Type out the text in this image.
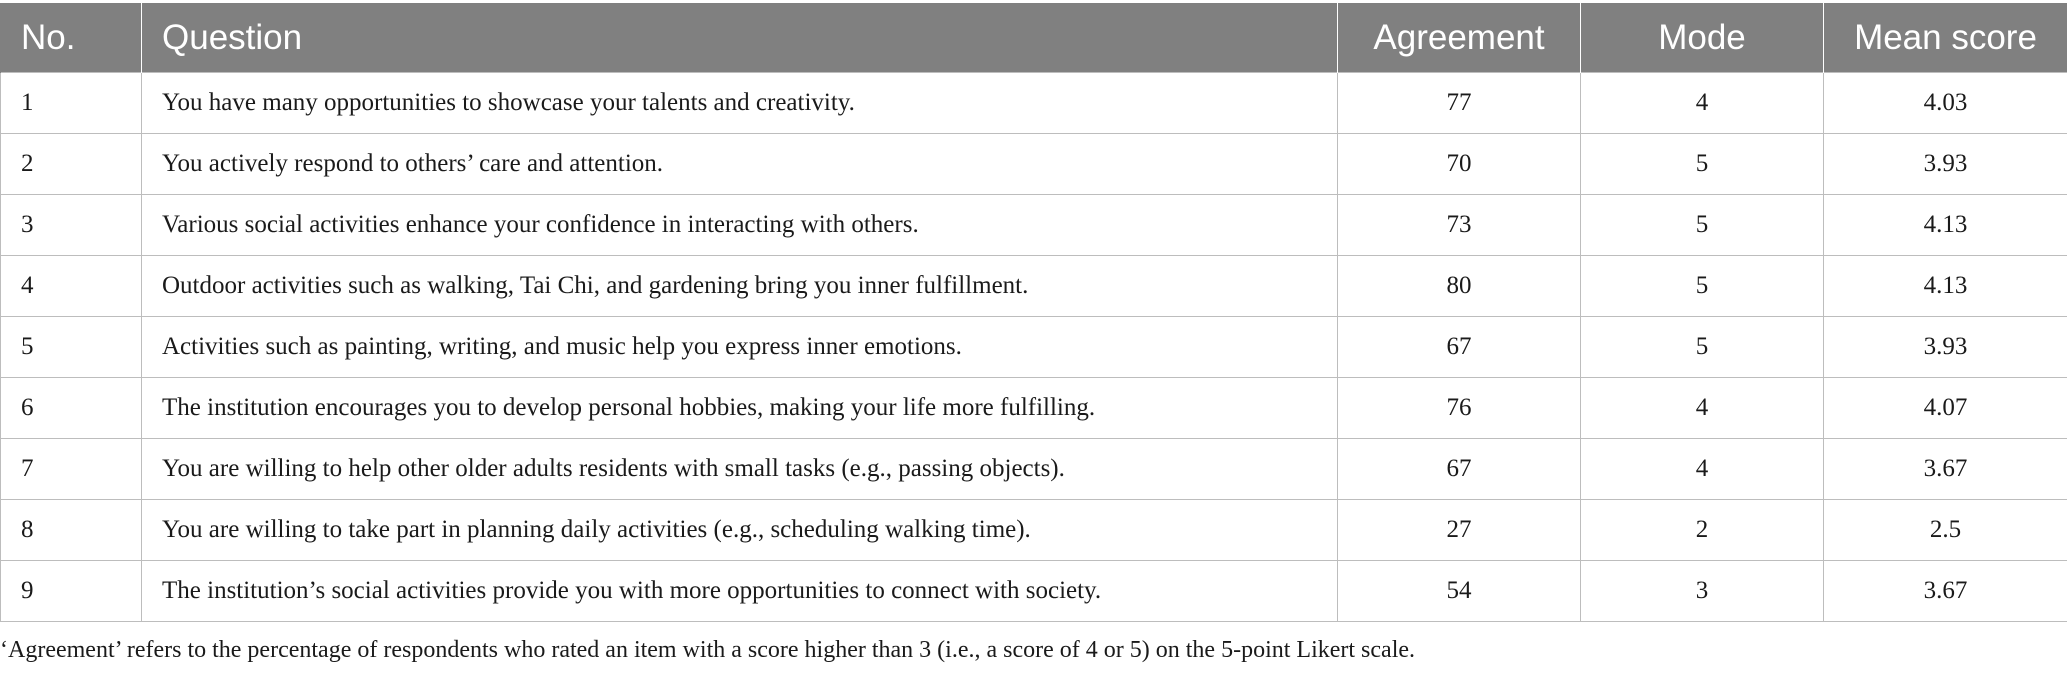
No.	Question	Agreement	Mode	Mean score
1	You have many opportunities to showcase your talents and creativity.	77	4	4.03
2	You actively respond to others’ care and attention.	70	5	3.93
3	Various social activities enhance your confidence in interacting with others.	73	5	4.13
4	Outdoor activities such as walking, Tai Chi, and gardening bring you inner fulfillment.	80	5	4.13
5	Activities such as painting, writing, and music help you express inner emotions.	67	5	3.93
6	The institution encourages you to develop personal hobbies, making your life more fulfilling.	76	4	4.07
7	You are willing to help other older adults residents with small tasks (e.g., passing objects).	67	4	3.67
8	You are willing to take part in planning daily activities (e.g., scheduling walking time).	27	2	2.5
9	The institution’s social activities provide you with more opportunities to connect with society.	54	3	3.67
‘Agreement’ refers to the percentage of respondents who rated an item with a score higher than 3 (i.e., a score of 4 or 5) on the 5-point Likert scale.
